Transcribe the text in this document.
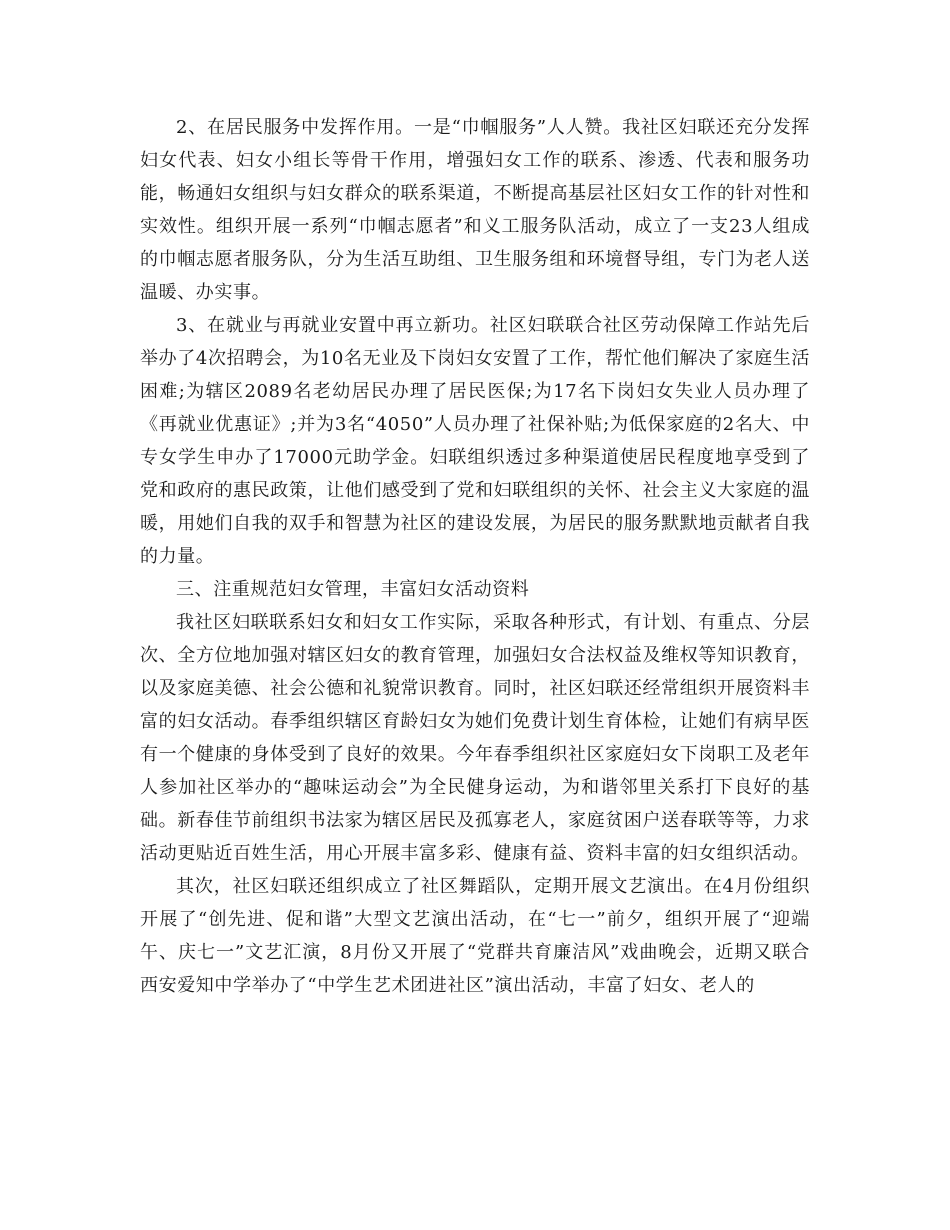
2、在居民服务中发挥作用。一是“巾帼服务”人人赞。我社区妇联还充分发挥妇女代表、妇女小组长等骨干作用，增强妇女工作的联系、渗透、代表和服务功能，畅通妇女组织与妇女群众的联系渠道，不断提高基层社区妇女工作的针对性和实效性。组织开展一系列“巾帼志愿者”和义工服务队活动，成立了一支23人组成的巾帼志愿者服务队，分为生活互助组、卫生服务组和环境督导组，专门为老人送温暖、办实事。

3、在就业与再就业安置中再立新功。社区妇联联合社区劳动保障工作站先后举办了4次招聘会，为10名无业及下岗妇女安置了工作，帮忙他们解决了家庭生活困难;为辖区2089名老幼居民办理了居民医保;为17名下岗妇女失业人员办理了《再就业优惠证》;并为3名“4050”人员办理了社保补贴;为低保家庭的2名大、中专女学生申办了17000元助学金。妇联组织透过多种渠道使居民程度地享受到了党和政府的惠民政策，让他们感受到了党和妇联组织的关怀、社会主义大家庭的温暖，用她们自我的双手和智慧为社区的建设发展，为居民的服务默默地贡献者自我的力量。

三、注重规范妇女管理，丰富妇女活动资料

我社区妇联联系妇女和妇女工作实际，采取各种形式，有计划、有重点、分层次、全方位地加强对辖区妇女的教育管理，加强妇女合法权益及维权等知识教育，以及家庭美德、社会公德和礼貌常识教育。同时，社区妇联还经常组织开展资料丰富的妇女活动。春季组织辖区育龄妇女为她们免费计划生育体检，让她们有病早医有一个健康的身体受到了良好的效果。今年春季组织社区家庭妇女下岗职工及老年人参加社区举办的“趣味运动会”为全民健身运动，为和谐邻里关系打下良好的基础。新春佳节前组织书法家为辖区居民及孤寡老人，家庭贫困户送春联等等，力求活动更贴近百姓生活，用心开展丰富多彩、健康有益、资料丰富的妇女组织活动。

其次，社区妇联还组织成立了社区舞蹈队，定期开展文艺演出。在4月份组织开展了“创先进、促和谐”大型文艺演出活动，在“七一”前夕，组织开展了“迎端午、庆七一”文艺汇演，8月份又开展了“党群共育廉洁风”戏曲晚会，近期又联合西安爱知中学举办了“中学生艺术团进社区”演出活动，丰富了妇女、老人的
